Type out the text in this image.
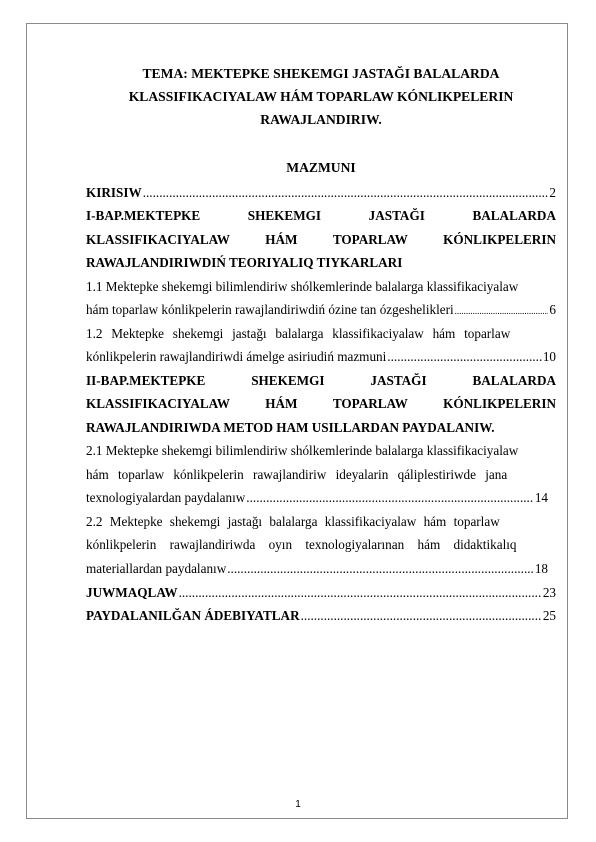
TEMA: MEKTEPKE SHEKEMGI JASTAĞI BALALARDA
KLASSIFIKACIYALAW HÁM TOPARLAW KÓNLIKPELERIN
RAWAJLANDIRIW.
MAZMUNI
KIRISIW .....	2
I-BAP.MEKTEPKE	SHEKEMGI	JASTAĞI	BALALARDA
KLASSIFIKACIYALAW	HÁM	TOPARLAW	KÓNLIKPELERIN
RAWAJLANDIRIWDIŃ TEORIYALIQ TIYKARLARI
1.1 Mektepke shekemgi bilimlendiriw shólkemlerinde balalarga klassifikaciyalaw
hám toparlaw kónlikpelerin rawajlandiriwdiń ózine tan ózgeshelikleri .....	6
1.2 Mektepke shekemgi jastağı balalarga klassifikaciyalaw hám toparlaw
kónlikpelerin rawajlandiriwdi ámelge asiriudiń mazmuni .....	10
II-BAP.MEKTEPKE	SHEKEMGI	JASTAĞI	BALALARDA
KLASSIFIKACIYALAW	HÁM	TOPARLAW	KÓNLIKPELERIN
RAWAJLANDIRIWDA METOD HAM USILLARDAN PAYDALANIW.
2.1 Mektepke shekemgi bilimlendiriw shólkemlerinde balalarga klassifikaciyalaw
hám toparlaw kónlikpelerin rawajlandiriw ideyalarin qáliplestiriwde jana
texnologiyalardan paydalanıw .....	14
2.2 Mektepke shekemgi jastağı balalarga klassifikaciyalaw hám toparlaw
kónlikpelerin rawajlandiriwda oyın texnologiyalarınan hám didaktikalıq
materiallardan paydalanıw .....	18
JUWMAQLAW .....	23
PAYDALANILĞAN ÁDEBIYATLAR .....	25
1
